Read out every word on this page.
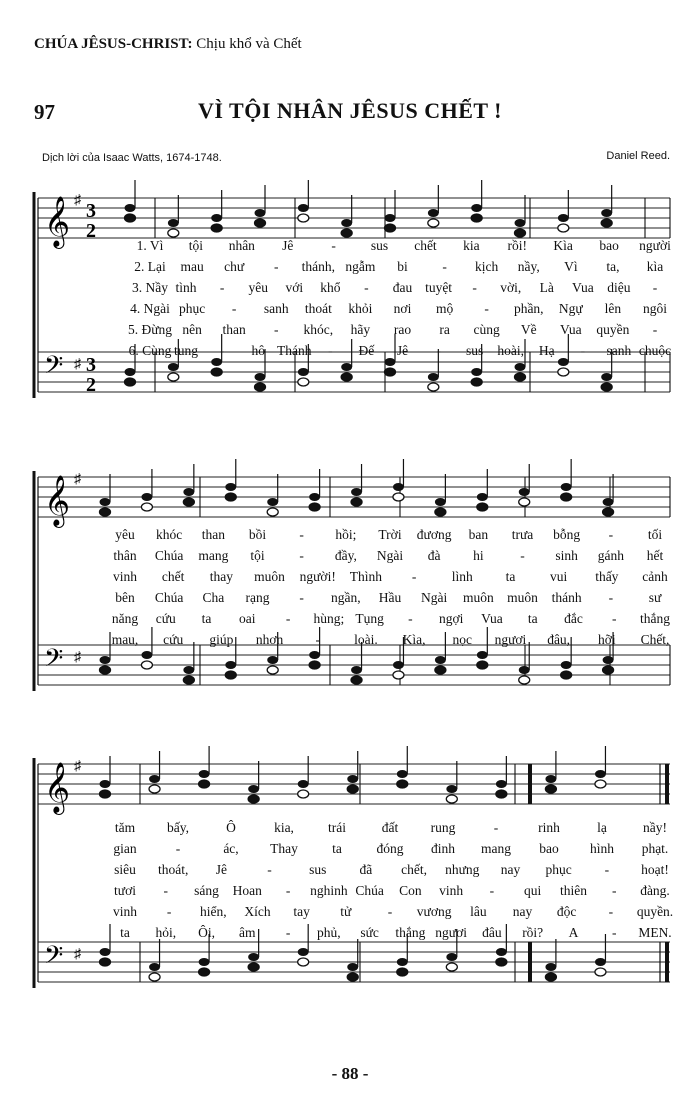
CHÚA JÊSUS-CHRIST: Chịu khổ và Chết
97	VÌ TỘI NHÂN JÊSUS CHẾT !
Dịch lời của Isaac Watts, 1674-1748.	Daniel Reed.
𝄞
𝄢
♯
♯
3
2
3
2
1. Vì tội nhân Jê	-	sus chết kia rồi! Kìa bao người
2. Lại mau chư - thánh, ngẫm bi	- kịch nầy, Vì ta, kìa
3. Nầy tình - yêu với khổ - đau tuyệt - vời, Là Vua diệu -
4. Ngài phục - sanh thoát khỏi nơi mộ - phần, Ngự lên ngôi
5. Đừng nên than - khóc, hãy rao ra cùng Về Vua quyền -
6. Cùng tung - hô Thánh - Đế Jê - sus hoài, Hạ - sanh chuộc
𝄞
𝄢
♯
♯
yêu khóc than bồi - hồi; Trời đương ban trưa bỗng -	tối
thân Chúa mang tội	- đầy, Ngài đà hi	- sinh gánh hết
vinh chết thay muôn người! Thình -	lình ta	vui thấy cảnh
bên Chúa Cha rạng - ngần, Hầu Ngài muôn muôn thánh -	sư
năng cứu ta oai - hùng; Tụng - ngợi Vua ta đắc - thắng
mau, cứu giúp nhơn -	loài. Kìa, nọc ngươi đâu, hỡi Chết,
𝄞
𝄢
♯
♯
tăm bấy,	Ô	kia,	trái	đất rung	-	rinh	lạ	nầy!
gian	-	ác, Thay	ta	đóng đinh mang bao hình phạt.
siêu thoát, Jê	-	sus đã chết, nhưng nay phục - hoạt!
tươi - sáng Hoan - nghinh Chúa Con vinh - qui thiên - đàng.
vinh - hiển, Xích tay tử	- vương lâu nay độc - quyền.
ta hỏi, Ôi, âm - phủ, sức thắng ngươi đâu rồi? A - MEN.
- 88 -
